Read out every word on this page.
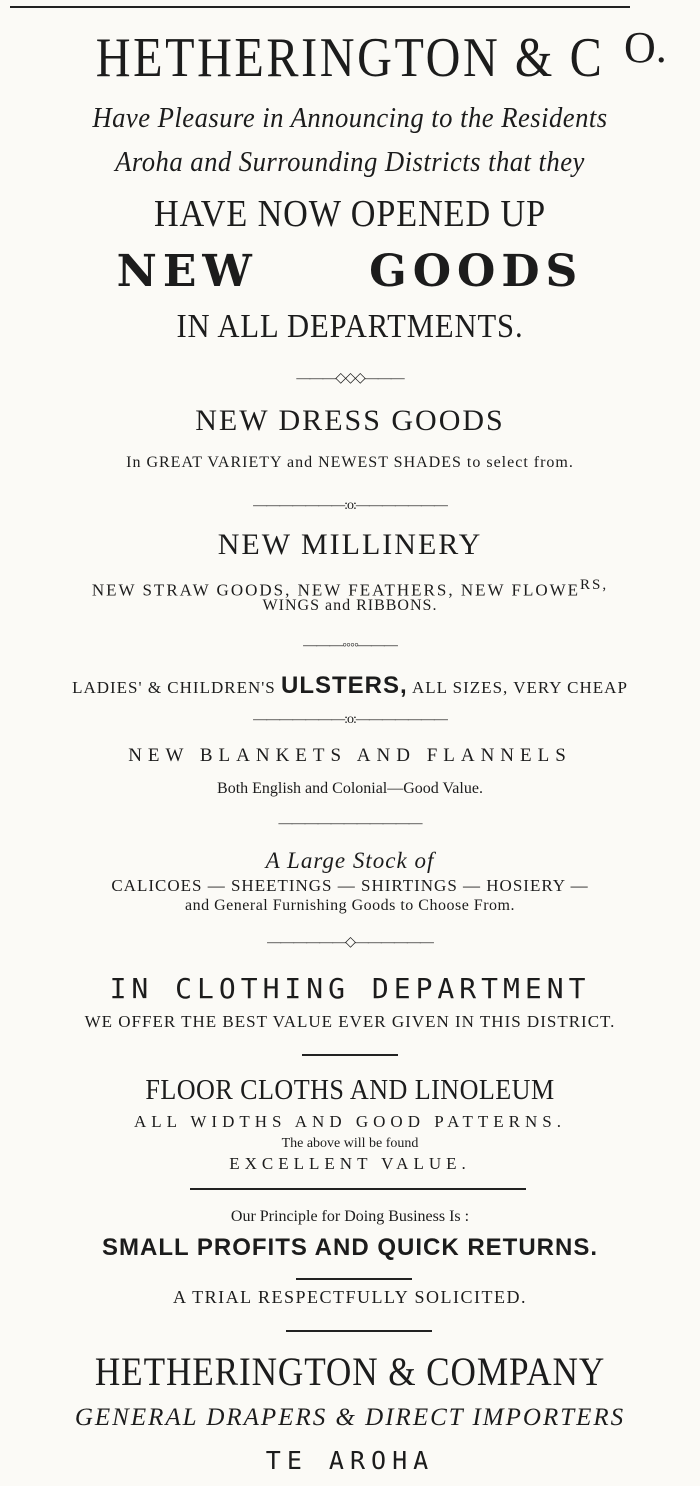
HETHERINGTON & C O.
Have Pleasure in Announcing to the Residents
Aroha and Surrounding Districts that they
HAVE NOW OPENED UP
NEW	GOODS
IN ALL DEPARTMENTS.
———◇◇◇———
NEW DRESS GOODS
In GREAT VARIETY and NEWEST SHADES to select from.
———————:o:———————
NEW MILLINERY
NEW STRAW GOODS, NEW FEATHERS, NEW FLOWERS,
WINGS and RIBBONS.
———◦◦◦◦———
LADIES' & CHILDREN'S ULSTERS, ALL SIZES, VERY CHEAP
———————:o:———————
NEW BLANKETS AND FLANNELS
Both English and Colonial—Good Value.
———————————
A Large Stock of
CALICOES — SHEETINGS — SHIRTINGS — HOSIERY —
and General Furnishing Goods to Choose From.
——————◇——————
IN CLOTHING DEPARTMENT
WE OFFER THE BEST VALUE EVER GIVEN IN THIS DISTRICT.
FLOOR CLOTHS AND LINOLEUM
ALL WIDTHS AND GOOD PATTERNS.
The above will be found
EXCELLENT VALUE.
Our Principle for Doing Business Is :
SMALL PROFITS AND QUICK RETURNS.
A TRIAL RESPECTFULLY SOLICITED.
HETHERINGTON & COMPANY
GENERAL DRAPERS & DIRECT IMPORTERS
TE AROHA
